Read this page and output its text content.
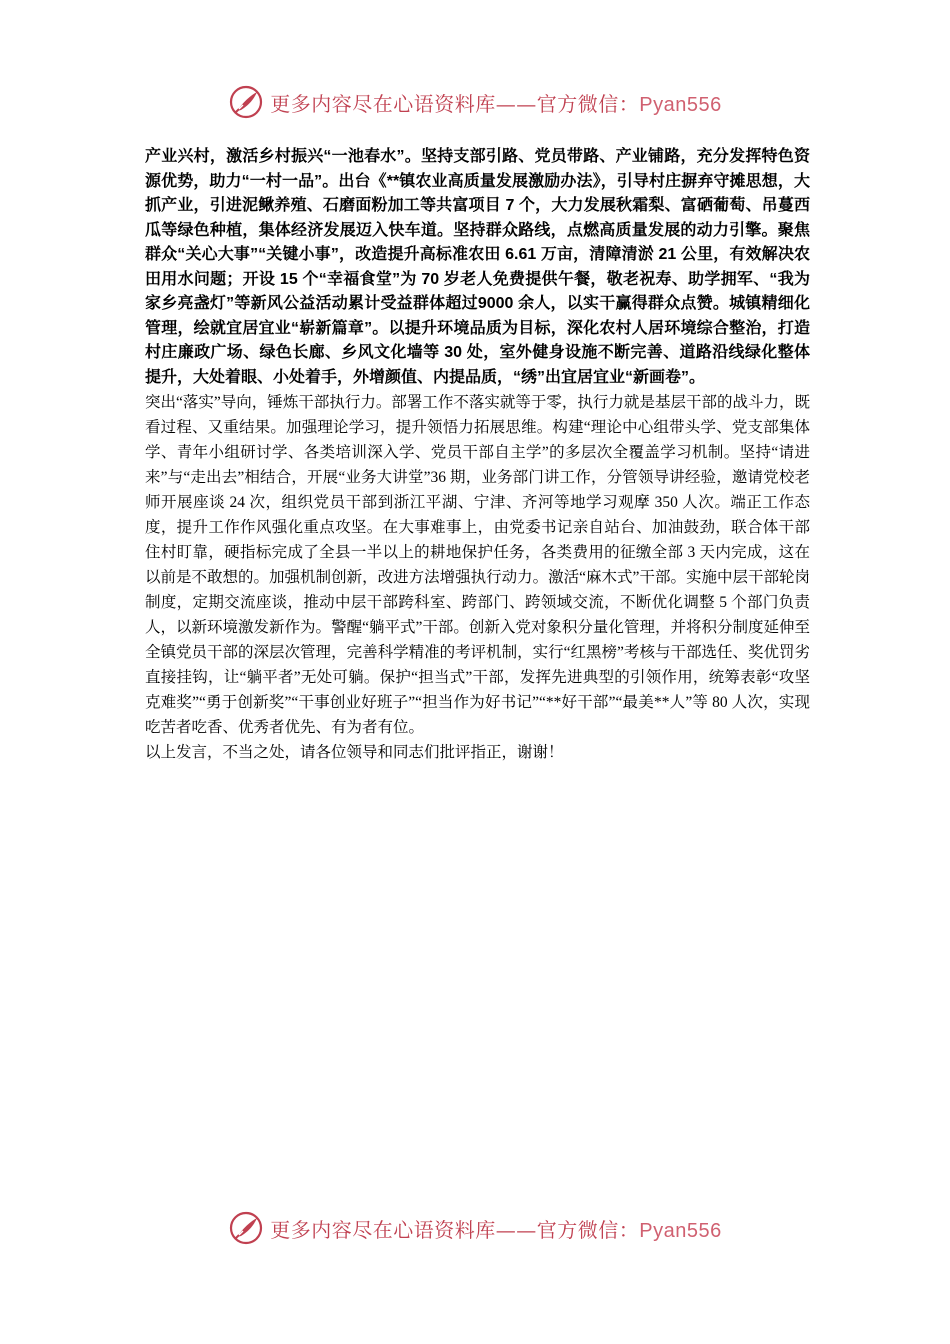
更多内容尽在心语资料库——官方微信：Pyan556

产业兴村，激活乡村振兴“一池春水”。坚持支部引路、党员带路、产业铺路，充分发挥特色资源优势，助力“一村一品”。出台《**镇农业高质量发展激励办法》，引导村庄摒弃守摊思想，大抓产业，引进泥鳅养殖、石磨面粉加工等共富项目 7 个，大力发展秋霜梨、富硒葡萄、吊蔓西瓜等绿色种植，集体经济发展迈入快车道。坚持群众路线，点燃高质量发展的动力引擎。聚焦群众“关心大事”“关键小事”，改造提升高标准农田 6.61 万亩，清障清淤 21 公里，有效解决农田用水问题；开设 15 个“幸福食堂”为 70 岁老人免费提供午餐，敬老祝寿、助学拥军、“我为家乡亮盏灯”等新风公益活动累计受益群体超过9000 余人，以实干赢得群众点赞。城镇精细化管理，绘就宜居宜业“崭新篇章”。以提升环境品质为目标，深化农村人居环境综合整治，打造村庄廉政广场、绿色长廊、乡风文化墙等 30 处，室外健身设施不断完善、道路沿线绿化整体提升，大处着眼、小处着手，外增颜值、内提品质，“绣”出宜居宜业“新画卷”。

突出“落实”导向，锤炼干部执行力。部署工作不落实就等于零，执行力就是基层干部的战斗力，既看过程、又重结果。加强理论学习，提升领悟力拓展思维。构建“理论中心组带头学、党支部集体学、青年小组研讨学、各类培训深入学、党员干部自主学”的多层次全覆盖学习机制。坚持“请进来”与“走出去”相结合，开展“业务大讲堂”36 期，业务部门讲工作，分管领导讲经验，邀请党校老师开展座谈 24 次，组织党员干部到浙江平湖、宁津、齐河等地学习观摩 350 人次。端正工作态度，提升工作作风强化重点攻坚。在大事难事上，由党委书记亲自站台、加油鼓劲，联合体干部住村盯靠，硬指标完成了全县一半以上的耕地保护任务，各类费用的征缴全部 3 天内完成，这在以前是不敢想的。加强机制创新，改进方法增强执行动力。激活“麻木式”干部。实施中层干部轮岗制度，定期交流座谈，推动中层干部跨科室、跨部门、跨领域交流，不断优化调整 5 个部门负责人，以新环境激发新作为。警醒“躺平式”干部。创新入党对象积分量化管理，并将积分制度延伸至全镇党员干部的深层次管理，完善科学精准的考评机制，实行“红黑榜”考核与干部选任、奖优罚劣直接挂钩，让“躺平者”无处可躺。保护“担当式”干部，发挥先进典型的引领作用，统筹表彰“攻坚克难奖”“勇于创新奖”“干事创业好班子”“担当作为好书记”“**好干部”“最美**人”等 80 人次，实现吃苦者吃香、优秀者优先、有为者有位。

以上发言，不当之处，请各位领导和同志们批评指正，谢谢！

更多内容尽在心语资料库——官方微信：Pyan556
